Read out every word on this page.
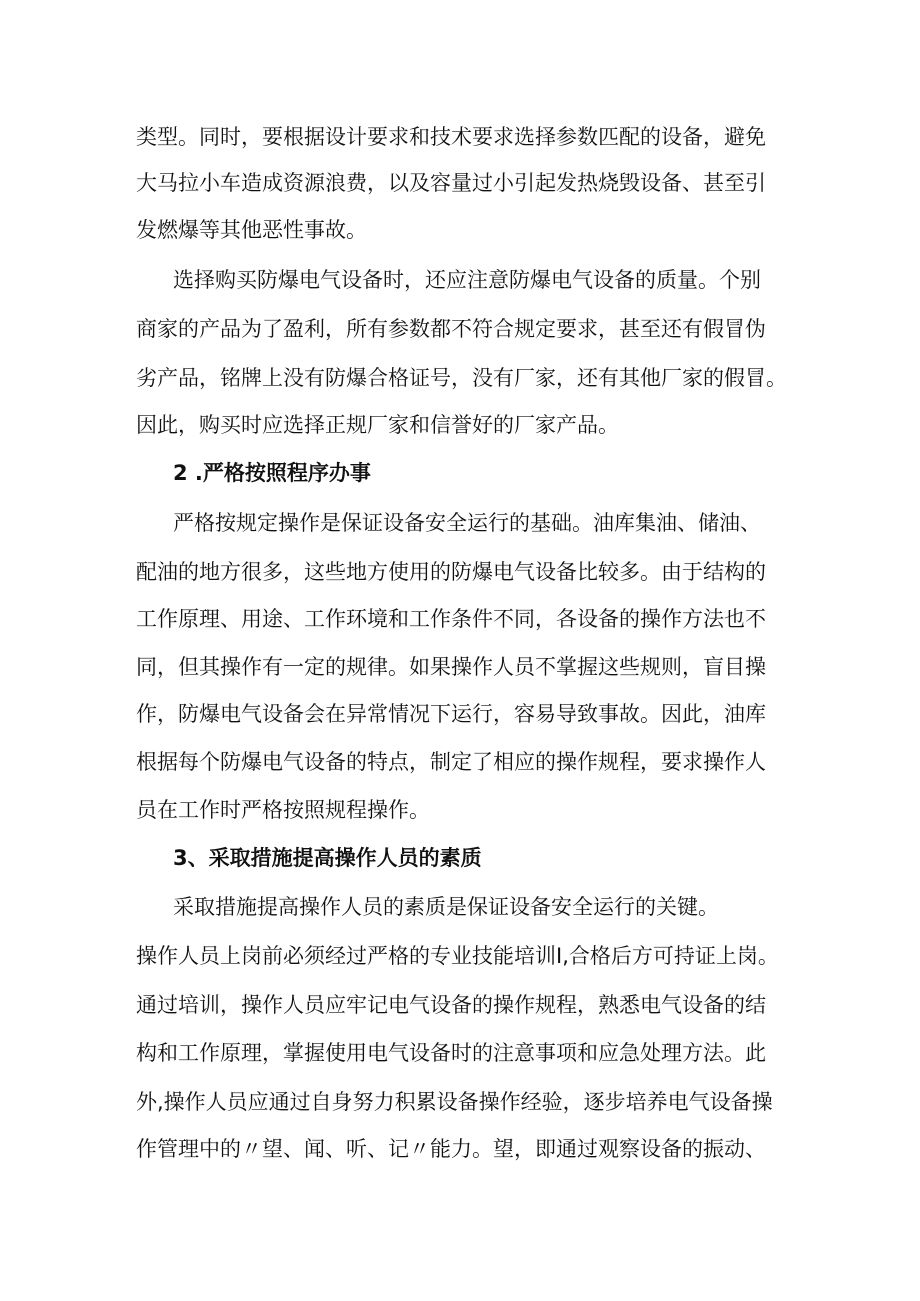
类型。同时，要根据设计要求和技术要求选择参数匹配的设备，避免
大马拉小车造成资源浪费，以及容量过小引起发热烧毁设备、甚至引
发燃爆等其他恶性事故。
选择购买防爆电气设备时，还应注意防爆电气设备的质量。个别
商家的产品为了盈利，所有参数都不符合规定要求，甚至还有假冒伪
劣产品，铭牌上没有防爆合格证号，没有厂家，还有其他厂家的假冒。
因此，购买时应选择正规厂家和信誉好的厂家产品。
2 .严格按照程序办事
严格按规定操作是保证设备安全运行的基础。油库集油、储油、
配油的地方很多，这些地方使用的防爆电气设备比较多。由于结构的
工作原理、用途、工作环境和工作条件不同，各设备的操作方法也不
同，但其操作有一定的规律。如果操作人员不掌握这些规则，盲目操
作，防爆电气设备会在异常情况下运行，容易导致事故。因此，油库
根据每个防爆电气设备的特点，制定了相应的操作规程，要求操作人
员在工作时严格按照规程操作。
3、采取措施提高操作人员的素质
采取措施提高操作人员的素质是保证设备安全运行的关键。
操作人员上岗前必须经过严格的专业技能培训I,合格后方可持证上岗。
通过培训，操作人员应牢记电气设备的操作规程，熟悉电气设备的结
构和工作原理，掌握使用电气设备时的注意事项和应急处理方法。此
外,操作人员应通过自身努力积累设备操作经验，逐步培养电气设备操
作管理中的〃望、闻、听、记〃能力。望，即通过观察设备的振动、
